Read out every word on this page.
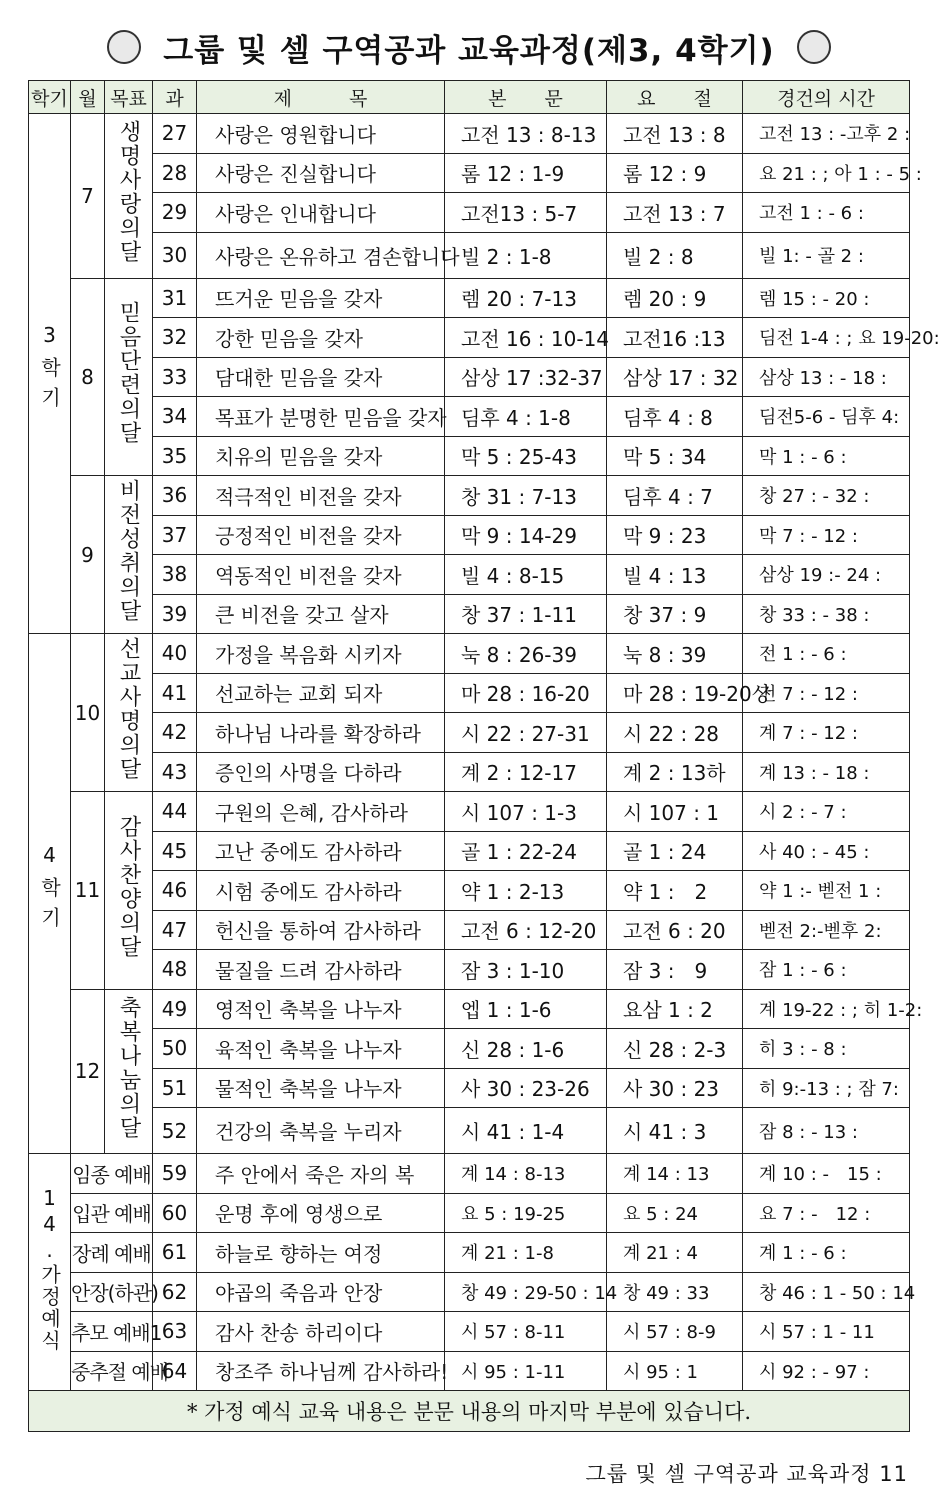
그룹 및 셀 구역공과 교육과정(제3, 4학기)
학기	월	목표	과	제　　　목	본　　문	요　　절	경건의 시간
3학기	7	생명사랑의달	27	사랑은 영원합니다	고전 13 : 8-13	고전 13 : 8	고전 13 : -고후 2 :
			28	사랑은 진실합니다	롬 12 : 1-9	롬 12 : 9	요 21 : ; 아 1 : - 5 :
			29	사랑은 인내합니다	고전13 : 5-7	고전 13 : 7	고전 1 : - 6 :
			30	사랑은 온유하고 겸손합니다	빌 2 : 1-8	빌 2 : 8	빌 1: - 골 2 :
	8	믿음단련의달	31	뜨거운 믿음을 갖자	렘 20 : 7-13	렘 20 : 9	렘 15 : - 20 :
			32	강한 믿음을 갖자	고전 16 : 10-14	고전16 :13	딤전 1-4 : ; 요 19-20:
			33	담대한 믿음을 갖자	삼상 17 :32-37	삼상 17 : 32	삼상 13 : - 18 :
			34	목표가 분명한 믿음을 갖자	딤후 4 : 1-8	딤후 4 : 8	딤전5-6 - 딤후 4:
			35	치유의 믿음을 갖자	막 5 : 25-43	막 5 : 34	막 1 : - 6 :
	9	비전성취의달	36	적극적인 비전을 갖자	창 31 : 7-13	딤후 4 : 7	창 27 : - 32 :
			37	긍정적인 비전을 갖자	막 9 : 14-29	막 9 : 23	막 7 : - 12 :
			38	역동적인 비전을 갖자	빌 4 : 8-15	빌 4 : 13	삼상 19 :- 24 :
			39	큰 비전을 갖고 살자	창 37 : 1-11	창 37 : 9	창 33 : - 38 :
4학기	10	선교사명의달	40	가정을 복음화 시키자	눅 8 : 26-39	눅 8 : 39	전 1 : - 6 :
			41	선교하는 교회 되자	마 28 : 16-20	마 28 : 19-20상	전 7 : - 12 :
			42	하나님 나라를 확장하라	시 22 : 27-31	시 22 : 28	계 7 : - 12 :
			43	증인의 사명을 다하라	계 2 : 12-17	계 2 : 13하	계 13 : - 18 :
	11	감사찬양의달	44	구원의 은혜, 감사하라	시 107 : 1-3	시 107 : 1	시 2 : - 7 :
			45	고난 중에도 감사하라	골 1 : 22-24	골 1 : 24	사 40 : - 45 :
			46	시험 중에도 감사하라	약 1 : 2-13	약 1 :　2	약 1 :- 벧전 1 :
			47	헌신을 통하여 감사하라	고전 6 : 12-20	고전 6 : 20	벧전 2:-벧후 2:
			48	물질을 드려 감사하라	잠 3 : 1-10	잠 3 :　9	잠 1 : - 6 :
	12	축복나눔의달	49	영적인 축복을 나누자	엡 1 : 1-6	요삼 1 : 2	계 19-22 : ; 히 1-2:
			50	육적인 축복을 나누자	신 28 : 1-6	신 28 : 2-3	히 3 : - 8 :
			51	물적인 축복을 나누자	사 30 : 23-26	사 30 : 23	히 9:-13 : ; 잠 7:
			52	건강의 축복을 누리자	시 41 : 1-4	시 41 : 3	잠 8 : - 13 :
14.가정예식	임종 예배		59	주 안에서 죽은 자의 복	계 14 : 8-13	계 14 : 13	계 10 : -　15 :
	입관 예배		60	운명 후에 영생으로	요 5 : 19-25	요 5 : 24	요 7 : -　12 :
	장례 예배		61	하늘로 향하는 여정	계 21 : 1-8	계 21 : 4	계 1 : - 6 :
	안장(하관)		62	야곱의 죽음과 안장	창 49 : 29-50 : 14	창 49 : 33	창 46 : 1 - 50 : 14
	추모 예배1		63	감사 찬송 하리이다	시 57 : 8-11	시 57 : 8-9	시 57 : 1 - 11
	중추절 예배		64	창조주 하나님께 감사하라!	시 95 : 1-11	시 95 : 1	시 92 : - 97 :
* 가정 예식 교육 내용은 분문 내용의 마지막 부분에 있습니다.							
그룹 및 셀 구역공과 교육과정 11
